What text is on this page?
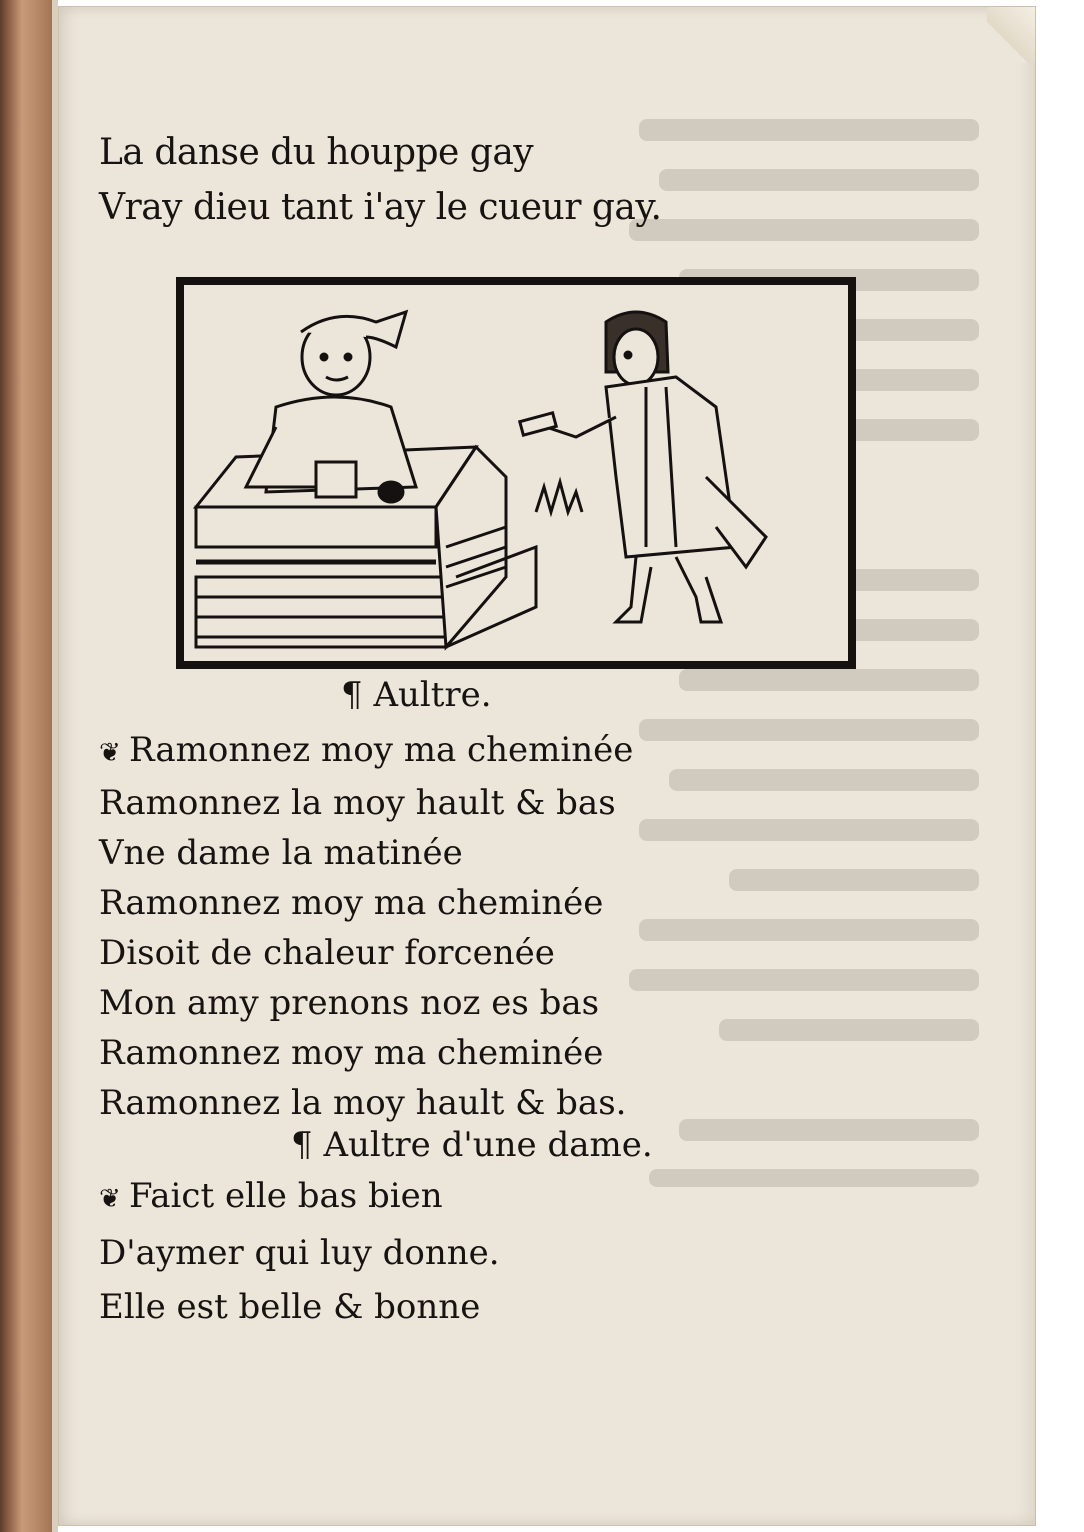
La danse du houppe gay
Vray dieu tant i'ay le cueur gay.
¶ Aultre.
❦ Ramonnez moy ma cheminée
Ramonnez la moy hault & bas
Vne dame la matinée
Ramonnez moy ma cheminée
Disoit de chaleur forcenée
Mon amy prenons noz es bas
Ramonnez moy ma cheminée
Ramonnez la moy hault & bas.
¶ Aultre d'une dame.
❦ Faict elle bas bien
D'aymer qui luy donne.
Elle est belle & bonne
